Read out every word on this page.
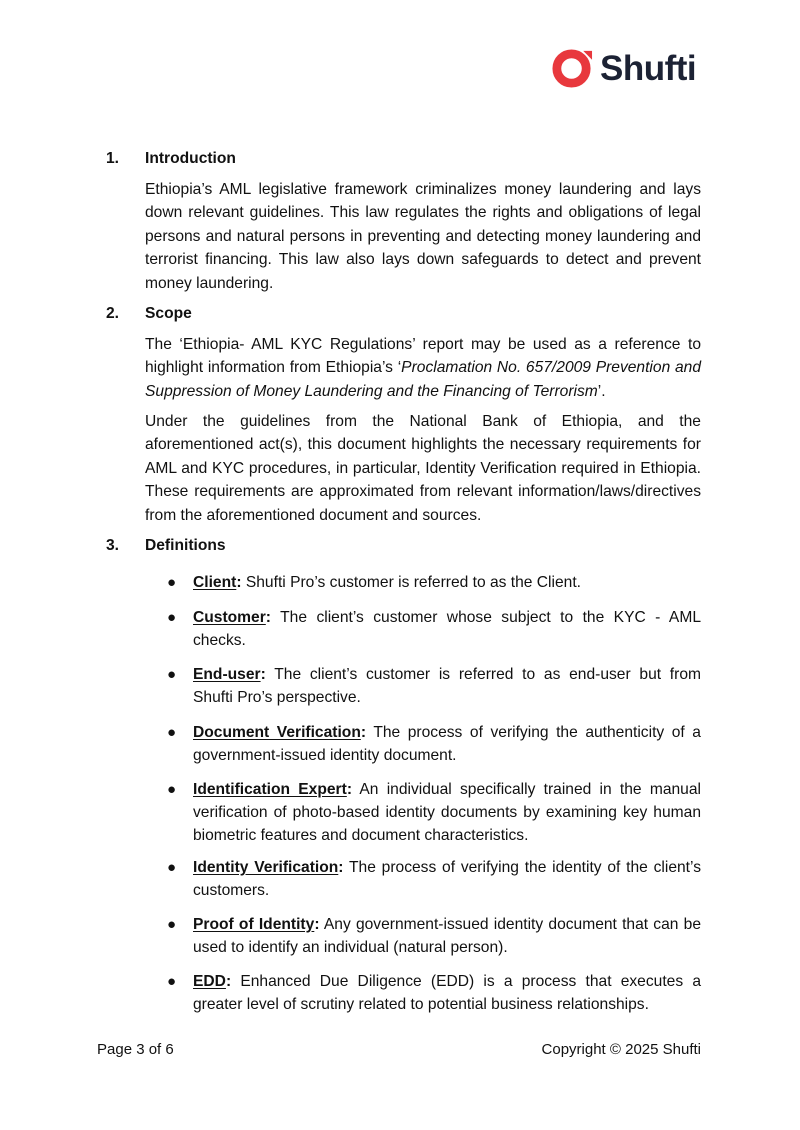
Shufti
1. Introduction

Ethiopia’s AML legislative framework criminalizes money laundering and lays down relevant guidelines. This law regulates the rights and obligations of legal persons and natural persons in preventing and detecting money laundering and terrorist financing. This law also lays down safeguards to detect and prevent money laundering.

2. Scope

The ‘Ethiopia- AML KYC Regulations’ report may be used as a reference to highlight information from Ethiopia’s ‘Proclamation No. 657/2009 Prevention and Suppression of Money Laundering and the Financing of Terrorism’.

Under the guidelines from the National Bank of Ethiopia, and the aforementioned act(s), this document highlights the necessary requirements for AML and KYC procedures, in particular, Identity Verification required in Ethiopia. These requirements are approximated from relevant information/laws/directives from the aforementioned document and sources.

3. Definitions
● Client: Shufti Pro’s customer is referred to as the Client.
● Customer: The client’s customer whose subject to the KYC - AML checks.
● End-user: The client’s customer is referred to as end-user but from Shufti Pro’s perspective.
● Document Verification: The process of verifying the authenticity of a government-issued identity document.
● Identification Expert: An individual specifically trained in the manual verification of photo-based identity documents by examining key human biometric features and document characteristics.
● Identity Verification: The process of verifying the identity of the client’s customers.
● Proof of Identity: Any government-issued identity document that can be used to identify an individual (natural person).
● EDD: Enhanced Due Diligence (EDD) is a process that executes a greater level of scrutiny related to potential business relationships.
Page 3 of 6	Copyright © 2025 Shufti
